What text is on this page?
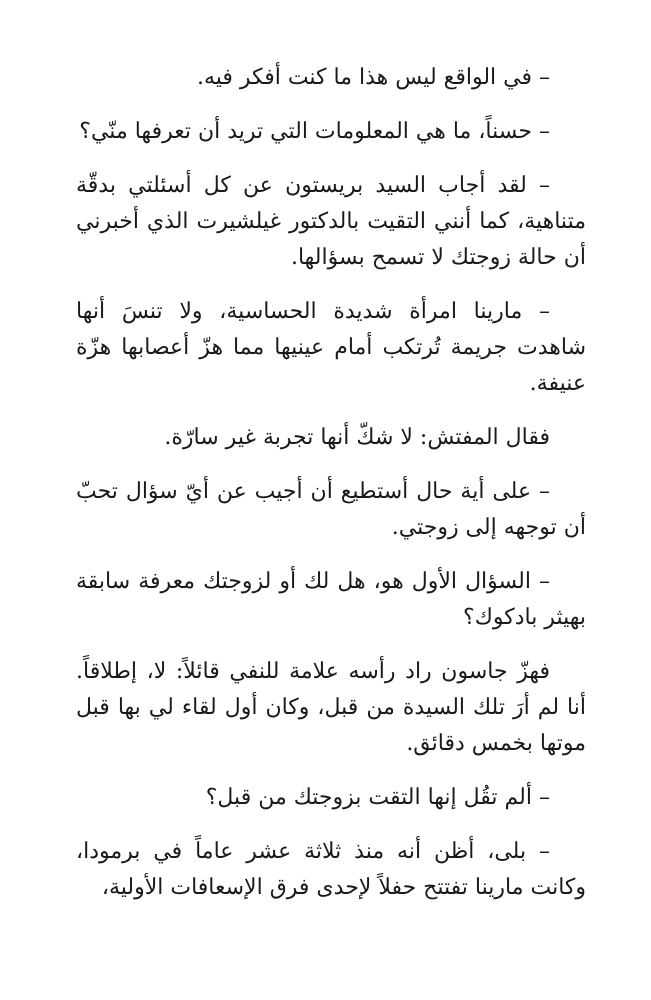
– في الواقع ليس هذا ما كنت أفكر فيه.

– حسناً، ما هي المعلومات التي تريد أن تعرفها منّي؟

– لقد أجاب السيد بريستون عن كل أسئلتي بدقّة متناهية، كما أنني التقيت بالدكتور غيلشيرت الذي أخبرني أن حالة زوجتك لا تسمح بسؤالها.

– مارينا امرأة شديدة الحساسية، ولا تنسَ أنها شاهدت جريمة تُرتكب أمام عينيها مما هزّ أعصابها هزّة عنيفة.

فقال المفتش: لا شكّ أنها تجربة غير سارّة.

– على أية حال أستطيع أن أجيب عن أيّ سؤال تحبّ أن توجهه إلى زوجتي.

– السؤال الأول هو، هل لك أو لزوجتك معرفة سابقة بهيثر بادكوك؟

فهزّ جاسون راد رأسه علامة للنفي قائلاً: لا، إطلاقاً. أنا لم أرَ تلك السيدة من قبل، وكان أول لقاء لي بها قبل موتها بخمس دقائق.

– ألم تقُل إنها التقت بزوجتك من قبل؟

– بلى، أظن أنه منذ ثلاثة عشر عاماً في برمودا، وكانت مارينا تفتتح حفلاً لإحدى فرق الإسعافات الأولية،
